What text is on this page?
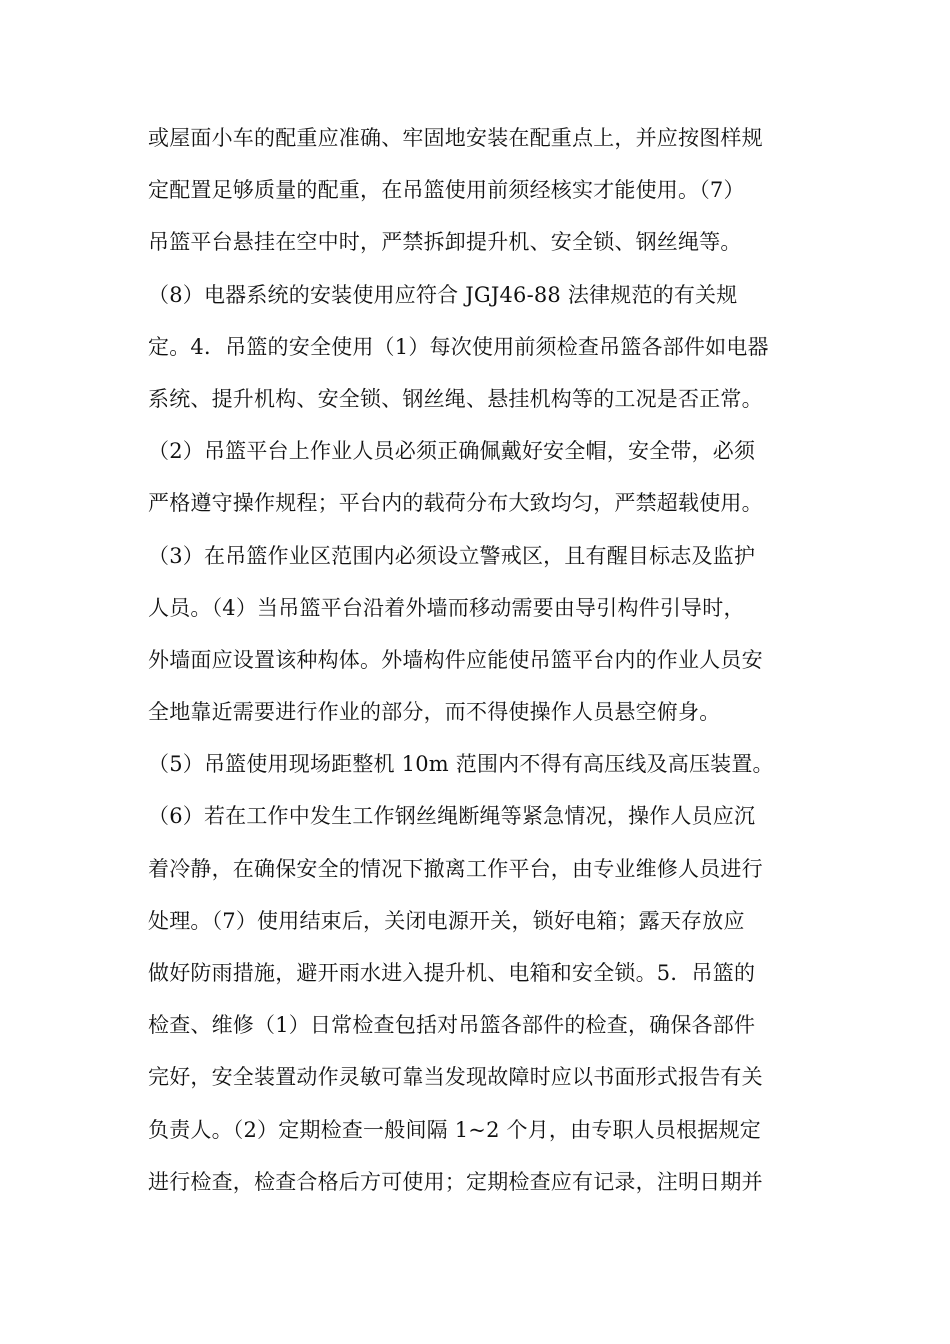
或屋面小车的配重应准确、牢固地安装在配重点上，并应按图样规
定配置足够质量的配重，在吊篮使用前须经核实才能使用。（7）
吊篮平台悬挂在空中时，严禁拆卸提升机、安全锁、钢丝绳等。
（8）电器系统的安装使用应符合 JGJ46-88 法律规范的有关规
定。4．吊篮的安全使用（1）每次使用前须检查吊篮各部件如电器
系统、提升机构、安全锁、钢丝绳、悬挂机构等的工况是否正常。
（2）吊篮平台上作业人员必须正确佩戴好安全帽，安全带，必须
严格遵守操作规程；平台内的载荷分布大致均匀，严禁超载使用。
（3）在吊篮作业区范围内必须设立警戒区，且有醒目标志及监护
人员。（4）当吊篮平台沿着外墙而移动需要由导引构件引导时，
外墙面应设置该种构体。外墙构件应能使吊篮平台内的作业人员安
全地靠近需要进行作业的部分，而不得使操作人员悬空俯身。
（5）吊篮使用现场距整机 10m 范围内不得有高压线及高压装置。
（6）若在工作中发生工作钢丝绳断绳等紧急情况，操作人员应沉
着冷静，在确保安全的情况下撤离工作平台，由专业维修人员进行
处理。（7）使用结束后，关闭电源开关，锁好电箱；露天存放应
做好防雨措施，避开雨水进入提升机、电箱和安全锁。5．吊篮的
检查、维修（1）日常检查包括对吊篮各部件的检查，确保各部件
完好，安全装置动作灵敏可靠当发现故障时应以书面形式报告有关
负责人。（2）定期检查一般间隔 1~2 个月，由专职人员根据规定
进行检查，检查合格后方可使用；定期检查应有记录，注明日期并
